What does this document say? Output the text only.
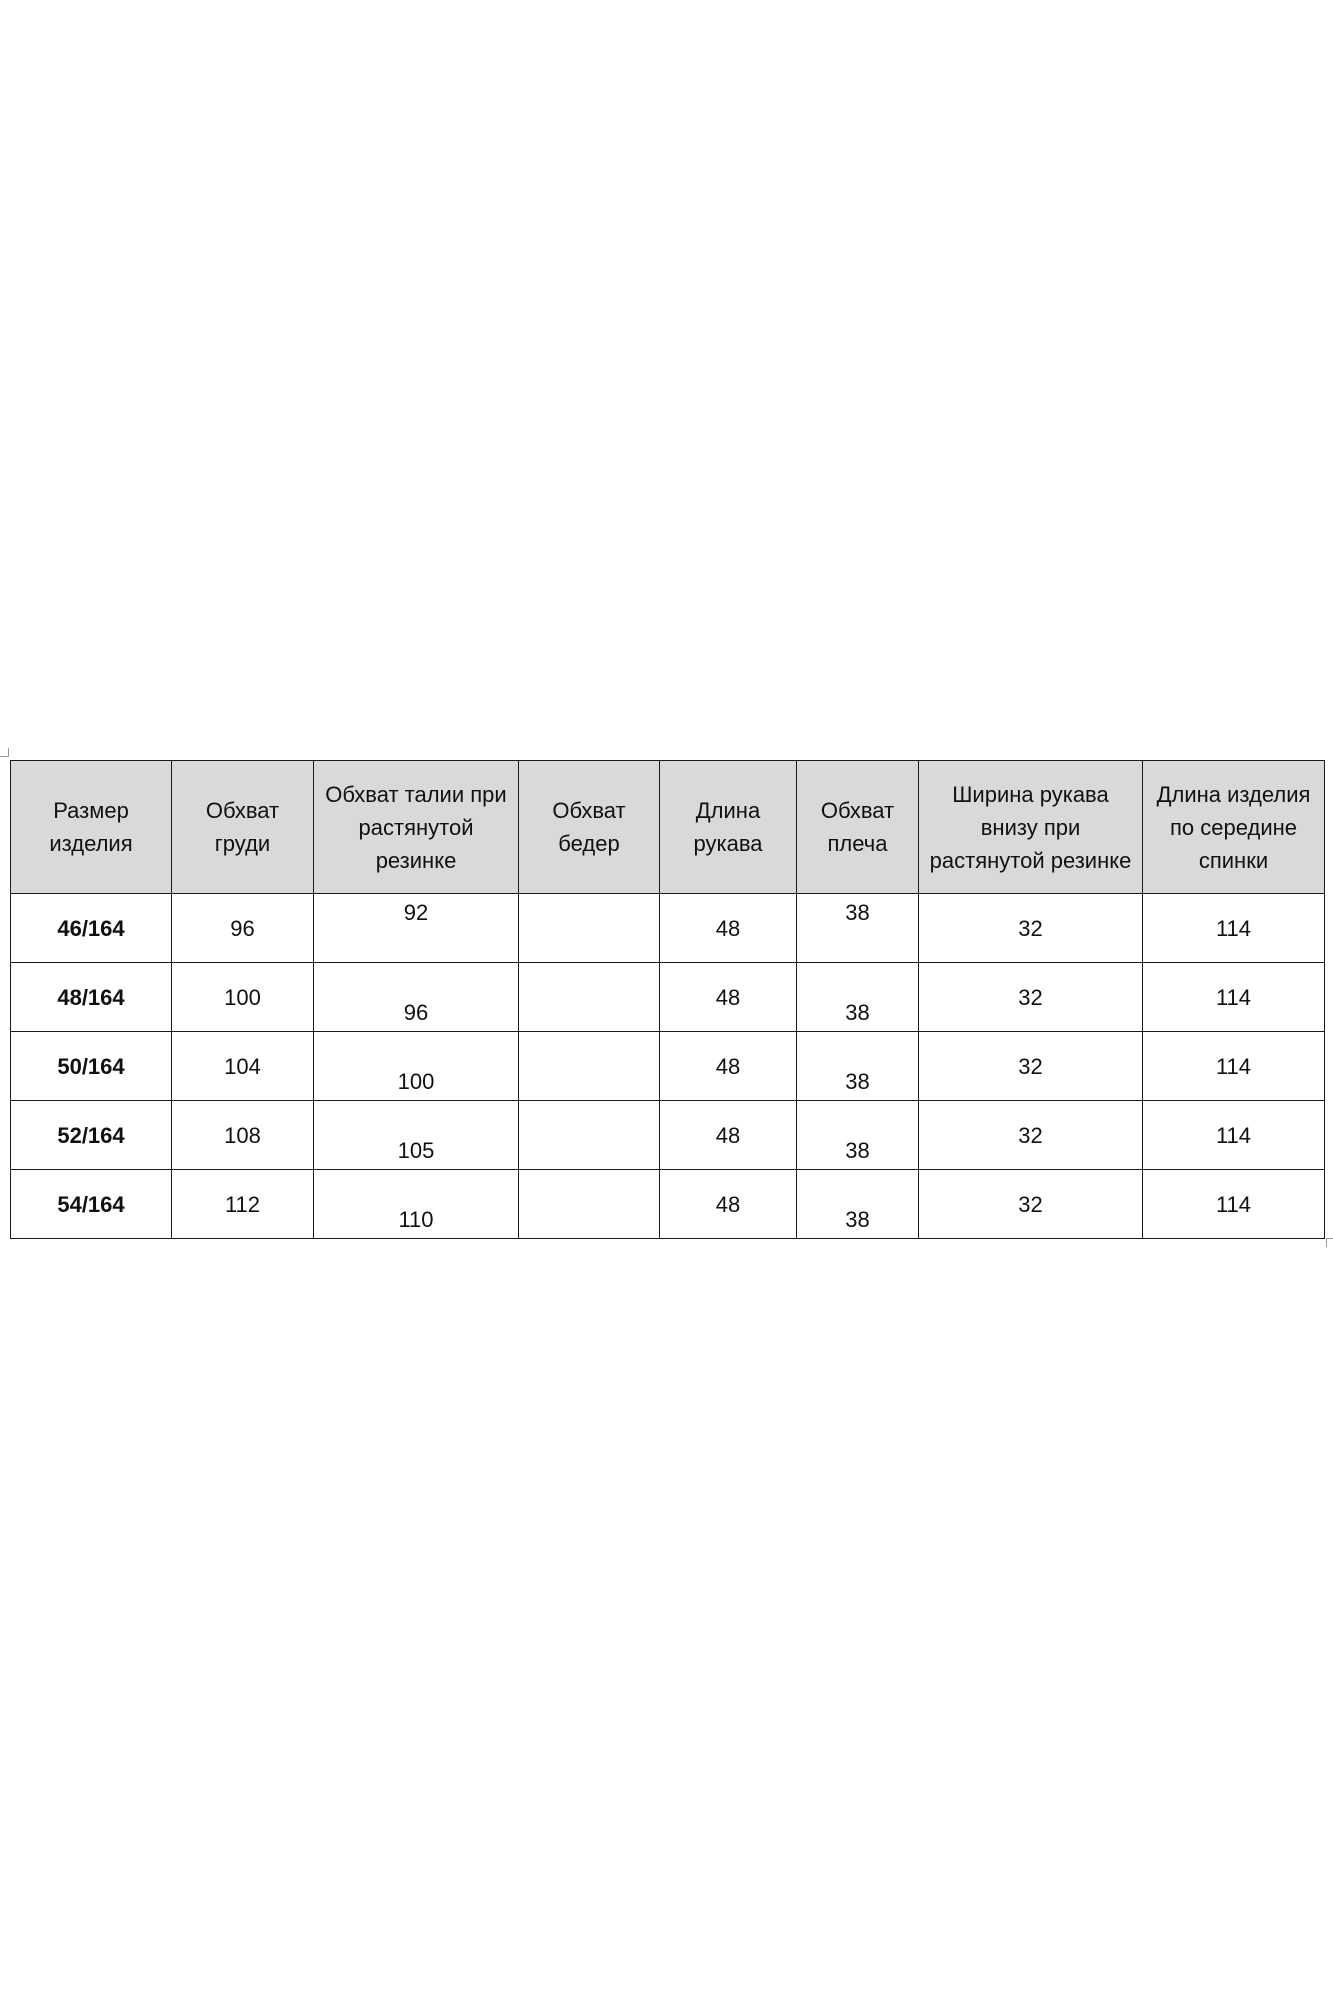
Размер изделия	Обхват груди	Обхват талии при растянутой резинке	Обхват бедер	Длина рукава	Обхват плеча	Ширина рукава внизу при растянутой резинке	Длина изделия по середине спинки
46/164	96	92		48	38	32	114
48/164	100	96		48	38	32	114
50/164	104	100		48	38	32	114
52/164	108	105		48	38	32	114
54/164	112	110		48	38	32	114
